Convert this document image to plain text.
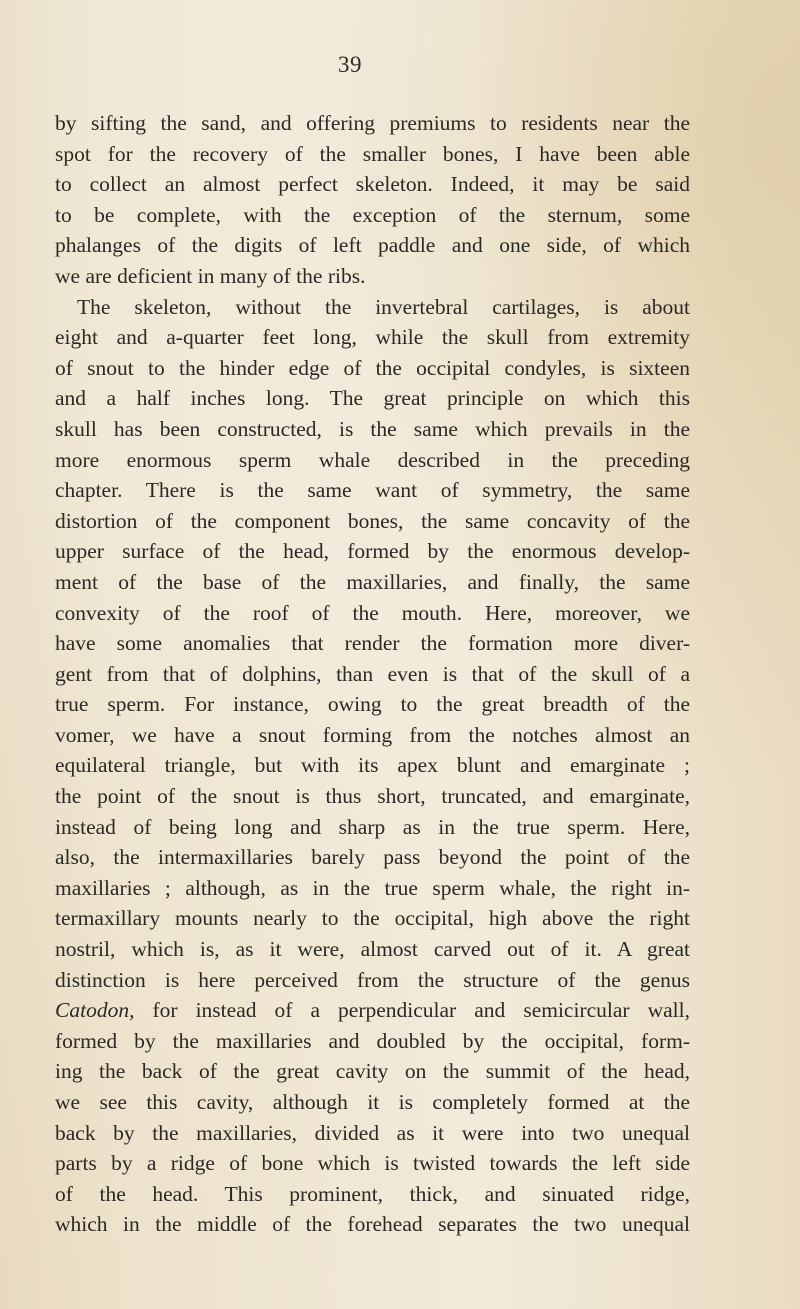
39
by sifting the sand, and offering premiums to residents near the
spot for the recovery of the smaller bones, I have been able
to collect an almost perfect skeleton. Indeed, it may be said
to be complete, with the exception of the sternum, some
phalanges of the digits of left paddle and one side, of which
we are deficient in many of the ribs.
The skeleton, without the invertebral cartilages, is about
eight and a-quarter feet long, while the skull from extremity
of snout to the hinder edge of the occipital condyles, is sixteen
and a half inches long. The great principle on which this
skull has been constructed, is the same which prevails in the
more enormous sperm whale described in the preceding
chapter. There is the same want of symmetry, the same
distortion of the component bones, the same concavity of the
upper surface of the head, formed by the enormous develop-
ment of the base of the maxillaries, and finally, the same
convexity of the roof of the mouth. Here, moreover, we
have some anomalies that render the formation more diver-
gent from that of dolphins, than even is that of the skull of a
true sperm. For instance, owing to the great breadth of the
vomer, we have a snout forming from the notches almost an
equilateral triangle, but with its apex blunt and emarginate ;
the point of the snout is thus short, truncated, and emarginate,
instead of being long and sharp as in the true sperm. Here,
also, the intermaxillaries barely pass beyond the point of the
maxillaries ; although, as in the true sperm whale, the right in-
termaxillary mounts nearly to the occipital, high above the right
nostril, which is, as it were, almost carved out of it. A great
distinction is here perceived from the structure of the genus
Catodon, for instead of a perpendicular and semicircular wall,
formed by the maxillaries and doubled by the occipital, form-
ing the back of the great cavity on the summit of the head,
we see this cavity, although it is completely formed at the
back by the maxillaries, divided as it were into two unequal
parts by a ridge of bone which is twisted towards the left side
of the head. This prominent, thick, and sinuated ridge,
which in the middle of the forehead separates the two unequal
